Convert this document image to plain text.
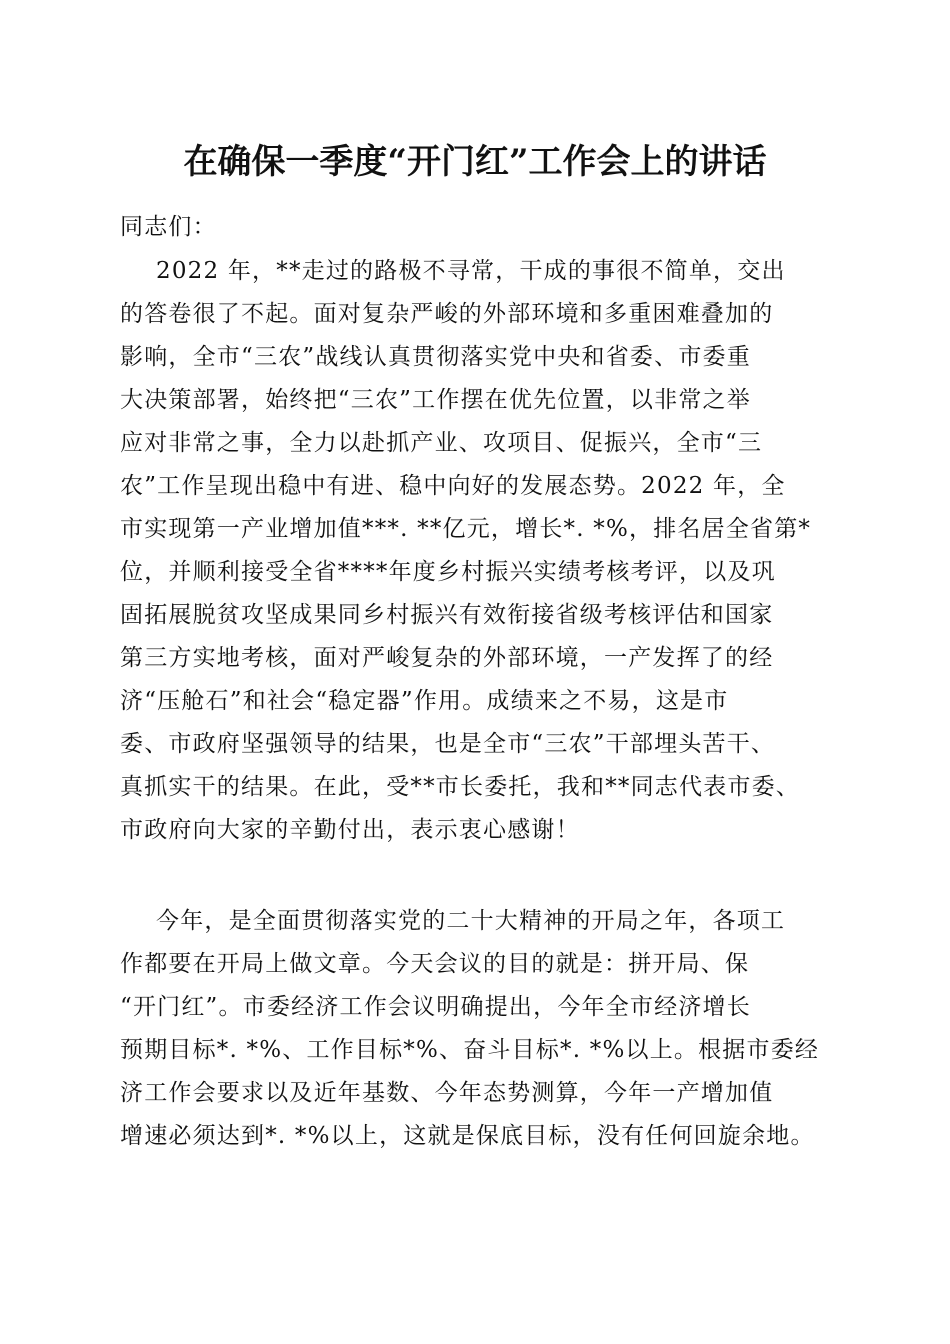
在确保一季度“开门红”工作会上的讲话
同志们：
2022 年，**走过的路极不寻常，干成的事很不简单，交出
的答卷很了不起。面对复杂严峻的外部环境和多重困难叠加的
影响，全市“三农”战线认真贯彻落实党中央和省委、市委重
大决策部署，始终把“三农”工作摆在优先位置，以非常之举
应对非常之事，全力以赴抓产业、攻项目、促振兴，全市“三
农”工作呈现出稳中有进、稳中向好的发展态势。2022 年，全
市实现第一产业增加值***. **亿元，增长*. *%，排名居全省第*
位，并顺利接受全省****年度乡村振兴实绩考核考评，以及巩
固拓展脱贫攻坚成果同乡村振兴有效衔接省级考核评估和国家
第三方实地考核，面对严峻复杂的外部环境，一产发挥了的经
济“压舱石”和社会“稳定器”作用。成绩来之不易，这是市
委、市政府坚强领导的结果，也是全市“三农”干部埋头苦干、
真抓实干的结果。在此，受**市长委托，我和**同志代表市委、
市政府向大家的辛勤付出，表示衷心感谢！
今年，是全面贯彻落实党的二十大精神的开局之年，各项工
作都要在开局上做文章。今天会议的目的就是：拼开局、保
“开门红”。市委经济工作会议明确提出，今年全市经济增长
预期目标*. *%、工作目标*%、奋斗目标*. *%以上。根据市委经
济工作会要求以及近年基数、今年态势测算，今年一产增加值
增速必须达到*. *%以上，这就是保底目标，没有任何回旋余地。
